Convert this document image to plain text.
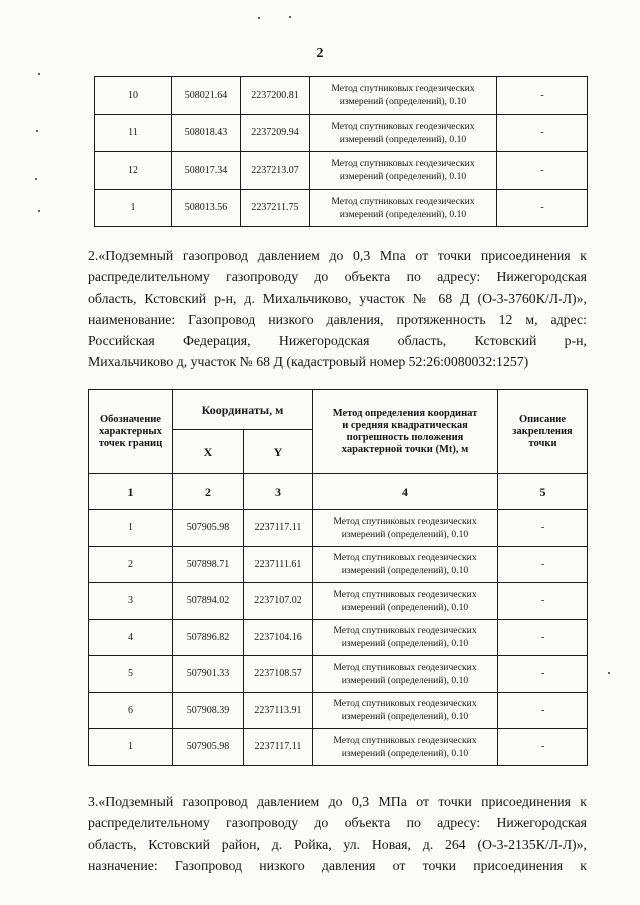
2
10	508021.64	2237200.81	Метод спутниковых геодезических
измерений (определений), 0.10	-
11	508018.43	2237209.94	Метод спутниковых геодезических
измерений (определений), 0.10	-
12	508017.34	2237213.07	Метод спутниковых геодезических
измерений (определений), 0.10	-
1	508013.56	2237211.75	Метод спутниковых геодезических
измерений (определений), 0.10	-
2.«Подземный газопровод давлением до 0,3 Мпа от точки присоединения к
распределительному газопроводу до объекта по адресу: Нижегородская
область, Кстовский р-н, д. Михальчиково, участок № 68 Д (О-3-3760К/Л-Л)»,
наименование: Газопровод низкого давления, протяженность 12 м, адрес:
Российская Федерация, Нижегородская область, Кстовский р-н,
Михальчиково д, участок № 68 Д (кадастровый номер 52:26:0080032:1257)
Обозначение
характерных
точек границ	Координаты, м		Метод определения координат
и средняя квадратическая
погрешность положения
характерной точки (Mt), м	Описание
закрепления
точки
	X	Y		
1	2	3	4	5
1	507905.98	2237117.11	Метод спутниковых геодезических
измерений (определений), 0.10	-
2	507898.71	2237111.61	Метод спутниковых геодезических
измерений (определений), 0.10	-
3	507894.02	2237107.02	Метод спутниковых геодезических
измерений (определений), 0.10	-
4	507896.82	2237104.16	Метод спутниковых геодезических
измерений (определений), 0.10	-
5	507901.33	2237108.57	Метод спутниковых геодезических
измерений (определений), 0.10	-
6	507908.39	2237113.91	Метод спутниковых геодезических
измерений (определений), 0.10	-
1	507905.98	2237117.11	Метод спутниковых геодезических
измерений (определений), 0.10	-
3.«Подземный газопровод давлением до 0,3 МПа от точки присоединения к
распределительному газопроводу до объекта по адресу: Нижегородская
область, Кстовский район, д. Ройка, ул. Новая, д. 264 (О-3-2135К/Л-Л)»,
назначение: Газопровод низкого давления от точки присоединения к
